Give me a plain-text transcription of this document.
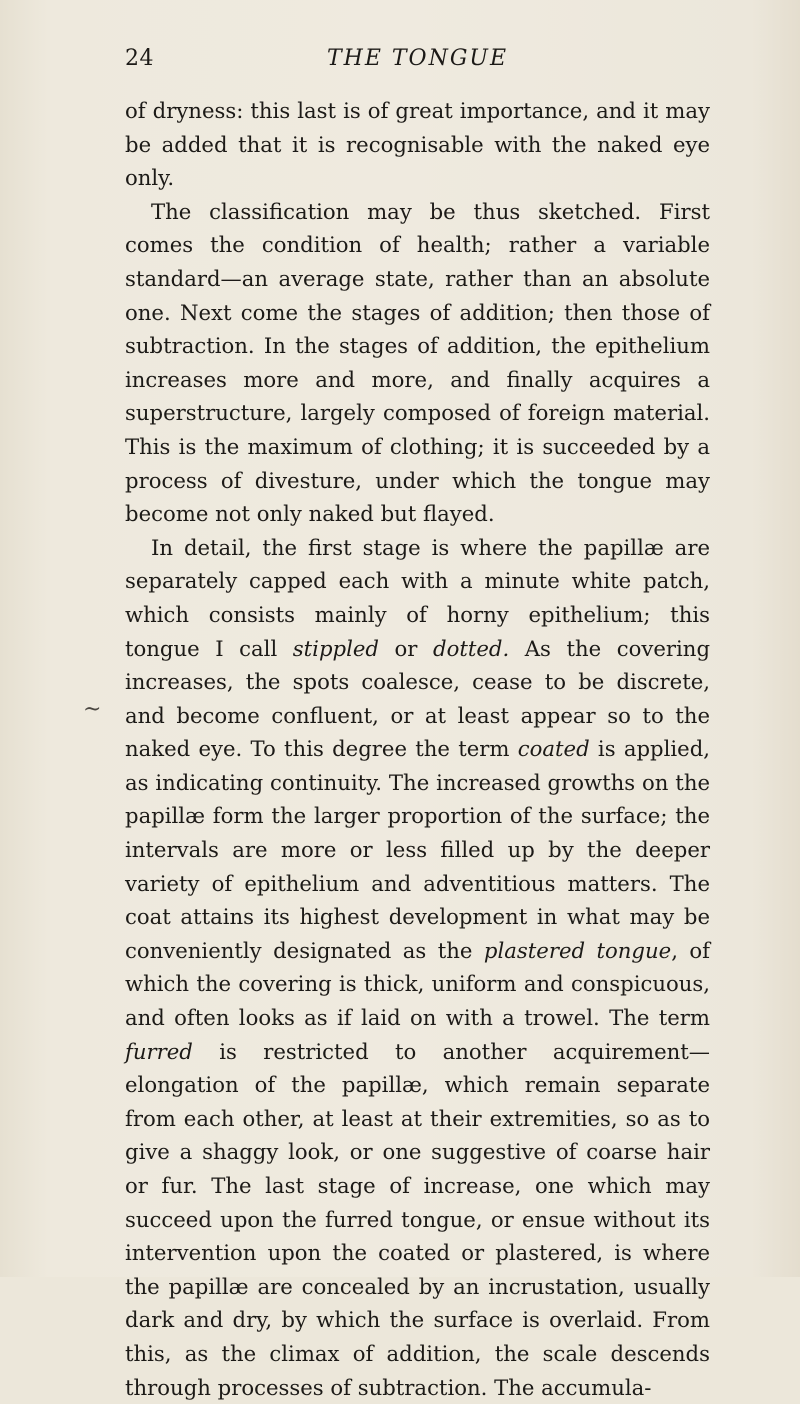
24	THE TONGUE
~

of dryness: this last is of great importance, and it may be added that it is recognisable with the naked eye only.

The classification may be thus sketched. First comes the condition of health; rather a variable standard—an average state, rather than an absolute one. Next come the stages of addition; then those of subtraction. In the stages of addition, the epithelium increases more and more, and finally acquires a superstructure, largely composed of foreign material. This is the maximum of clothing; it is succeeded by a process of divesture, under which the tongue may become not only naked but flayed.

In detail, the first stage is where the papillæ are separately capped each with a minute white patch, which consists mainly of horny epithelium; this tongue I call stippled or dotted. As the covering increases, the spots coalesce, cease to be discrete, and become confluent, or at least appear so to the naked eye. To this degree the term coated is applied, as indicating continuity. The increased growths on the papillæ form the larger proportion of the surface; the intervals are more or less filled up by the deeper variety of epithelium and adventitious matters. The coat attains its highest development in what may be conveniently designated as the plastered tongue, of which the covering is thick, uniform and conspicuous, and often looks as if laid on with a trowel. The term furred is restricted to another acquirement—elongation of the papillæ, which remain separate from each other, at least at their extremities, so as to give a shaggy look, or one suggestive of coarse hair or fur. The last stage of increase, one which may succeed upon the furred tongue, or ensue without its intervention upon the coated or plastered, is where the papillæ are concealed by an incrustation, usually dark and dry, by which the surface is overlaid. From this, as the climax of addition, the scale descends through processes of subtraction. The accumula-
